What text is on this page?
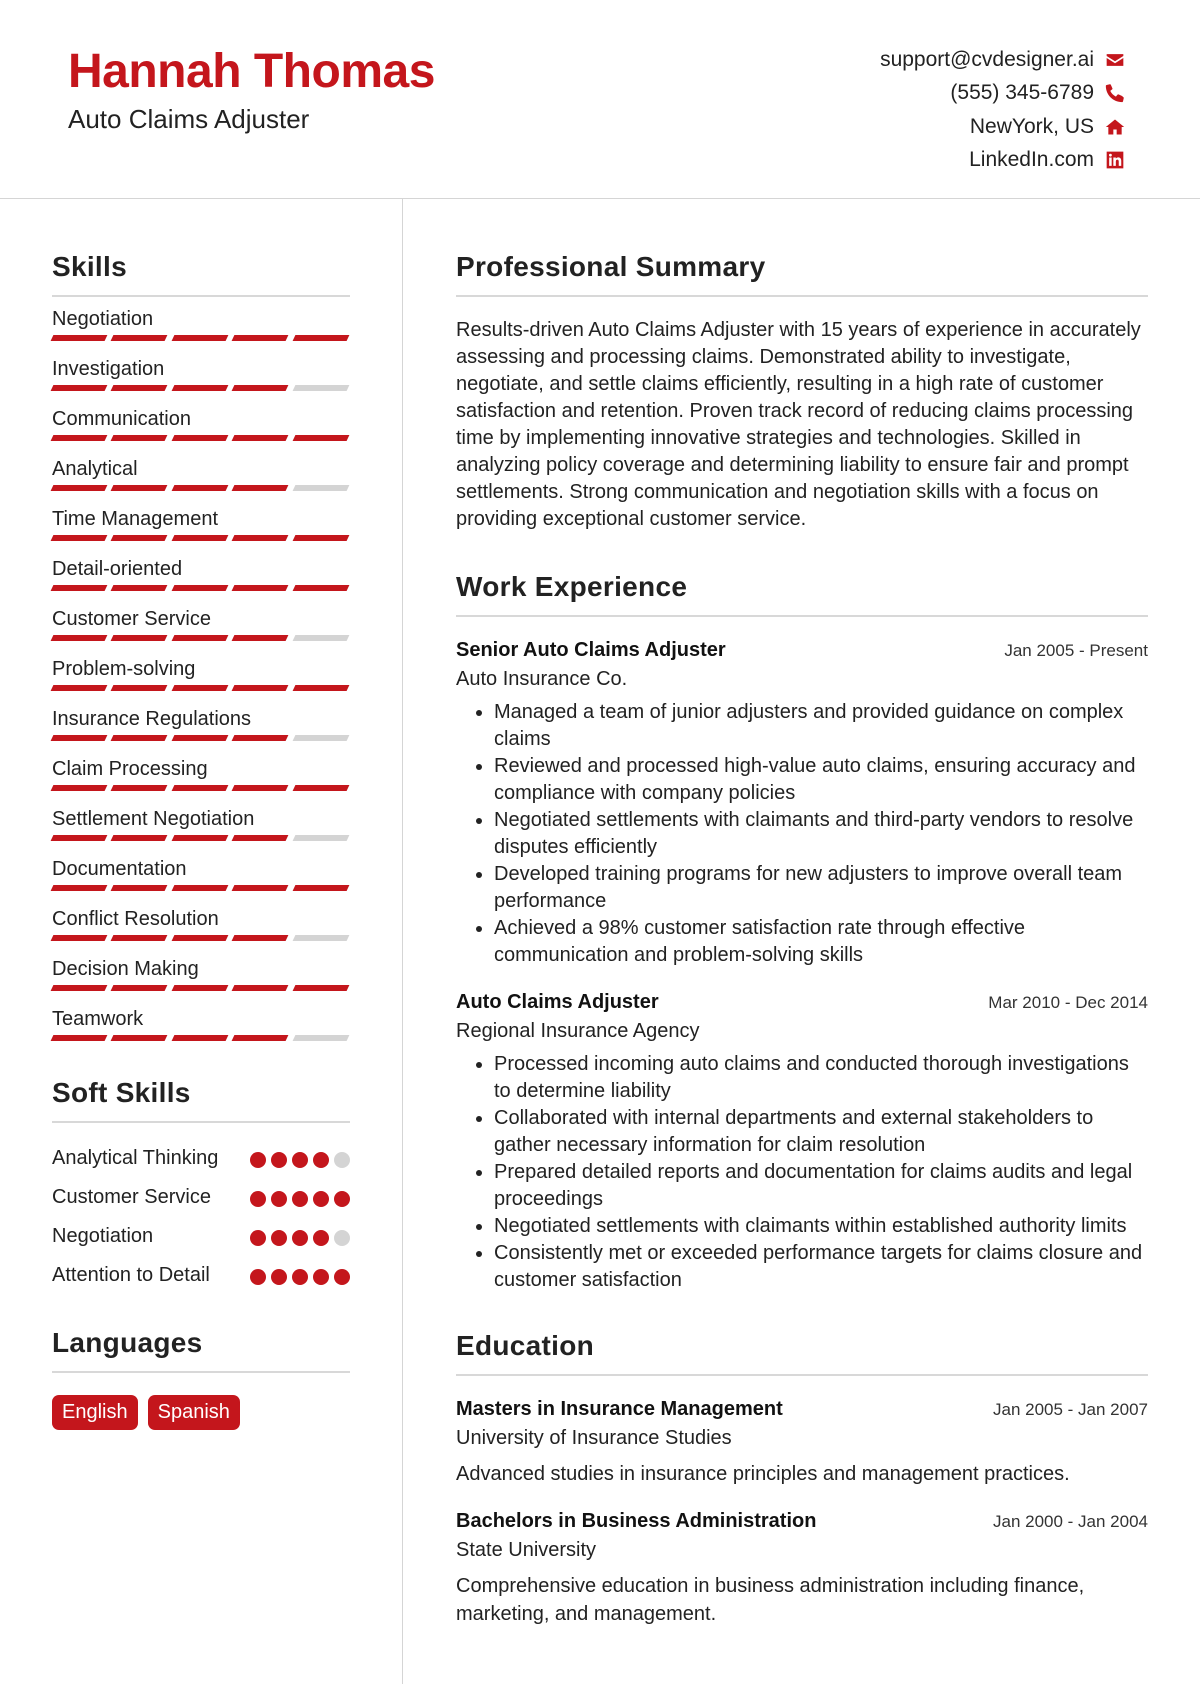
Hannah Thomas
Auto Claims Adjuster
support@cvdesigner.ai
(555) 345-6789
NewYork, US
LinkedIn.com
Skills
Negotiation
Investigation
Communication
Analytical
Time Management
Detail-oriented
Customer Service
Problem-solving
Insurance Regulations
Claim Processing
Settlement Negotiation
Documentation
Conflict Resolution
Decision Making
Teamwork
Soft Skills
Analytical Thinking
Customer Service
Negotiation
Attention to Detail
Languages
English	Spanish
Professional Summary

Results-driven Auto Claims Adjuster with 15 years of experience in accurately assessing and processing claims. Demonstrated ability to investigate, negotiate, and settle claims efficiently, resulting in a high rate of customer satisfaction and retention. Proven track record of reducing claims processing time by implementing innovative strategies and technologies. Skilled in analyzing policy coverage and determining liability to ensure fair and prompt settlements. Strong communication and negotiation skills with a focus on providing exceptional customer service.

Work Experience
Senior Auto Claims Adjuster	Jan 2005 - Present
Auto Insurance Co.
• Managed a team of junior adjusters and provided guidance on complex claims
• Reviewed and processed high-value auto claims, ensuring accuracy and compliance with company policies
• Negotiated settlements with claimants and third-party vendors to resolve disputes efficiently
• Developed training programs for new adjusters to improve overall team performance
• Achieved a 98% customer satisfaction rate through effective communication and problem-solving skills
Auto Claims Adjuster	Mar 2010 - Dec 2014
Regional Insurance Agency
• Processed incoming auto claims and conducted thorough investigations to determine liability
• Collaborated with internal departments and external stakeholders to gather necessary information for claim resolution
• Prepared detailed reports and documentation for claims audits and legal proceedings
• Negotiated settlements with claimants within established authority limits
• Consistently met or exceeded performance targets for claims closure and customer satisfaction
Education
Masters in Insurance Management	Jan 2005 - Jan 2007
University of Insurance Studies

Advanced studies in insurance principles and management practices.

Bachelors in Business Administration	Jan 2000 - Jan 2004
State University

Comprehensive education in business administration including finance, marketing, and management.
